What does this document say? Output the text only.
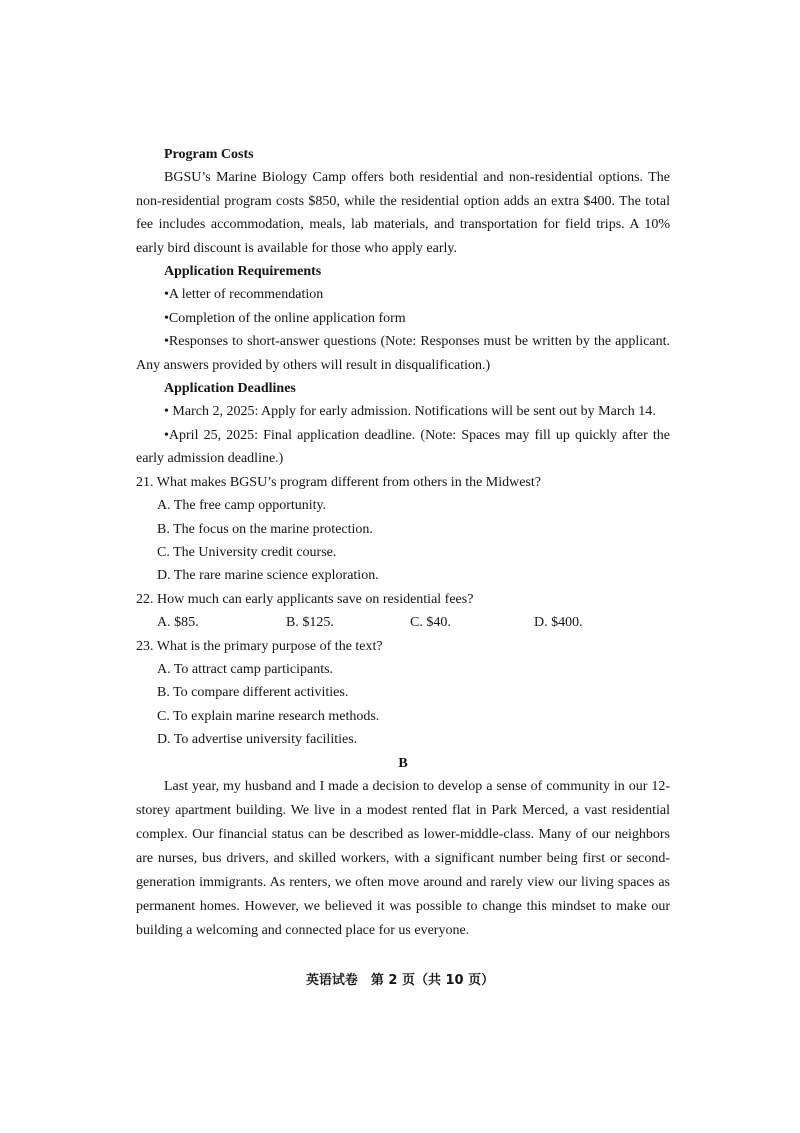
Program Costs

BGSU’s Marine Biology Camp offers both residential and non-residential options. The non-residential program costs $850, while the residential option adds an extra $400. The total fee includes accommodation, meals, lab materials, and transportation for field trips. A 10% early bird discount is available for those who apply early.

Application Requirements

•A letter of recommendation

•Completion of the online application form

•Responses to short-answer questions (Note: Responses must be written by the applicant. Any answers provided by others will result in disqualification.)

Application Deadlines

• March 2, 2025: Apply for early admission. Notifications will be sent out by March 14.

•April 25, 2025: Final application deadline. (Note: Spaces may fill up quickly after the early admission deadline.)

21. What makes BGSU’s program different from others in the Midwest?

A. The free camp opportunity.

B. The focus on the marine protection.

C. The University credit course.

D. The rare marine science exploration.

22. How much can early applicants save on residential fees?

A. $85.	B. $125.	C. $40.	D. $400.

23. What is the primary purpose of the text?

A. To attract camp participants.

B. To compare different activities.

C. To explain marine research methods.

D. To advertise university facilities.

B

Last year, my husband and I made a decision to develop a sense of community in our 12-storey apartment building. We live in a modest rented flat in Park Merced, a vast residential complex. Our financial status can be described as lower-middle-class. Many of our neighbors are nurses, bus drivers, and skilled workers, with a significant number being first or second-generation immigrants. As renters, we often move around and rarely view our living spaces as permanent homes. However, we believed it was possible to change this mindset to make our building a welcoming and connected place for us everyone.

英语试卷　第 2 页（共 10 页）
